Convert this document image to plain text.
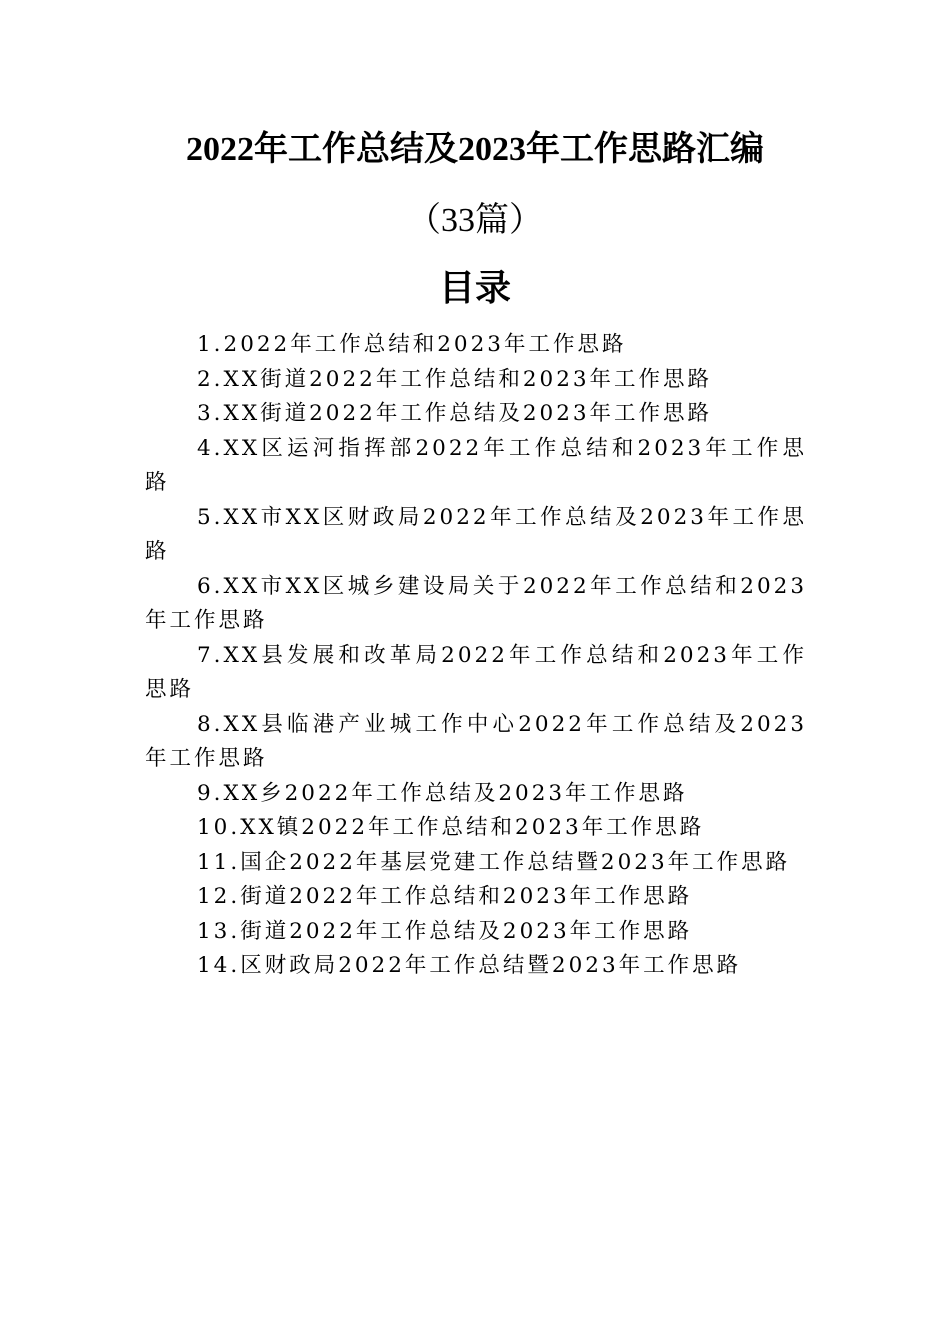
2022年工作总结及2023年工作思路汇编
（33篇）
目录
1.2022年工作总结和2023年工作思路
2.XX街道2022年工作总结和2023年工作思路
3.XX街道2022年工作总结及2023年工作思路
4.XX区运河指挥部2022年工作总结和2023年工作思路
5.XX市XX区财政局2022年工作总结及2023年工作思路
6.XX市XX区城乡建设局关于2022年工作总结和2023年工作思路
7.XX县发展和改革局2022年工作总结和2023年工作思路
8.XX县临港产业城工作中心2022年工作总结及2023年工作思路
9.XX乡2022年工作总结及2023年工作思路
10.XX镇2022年工作总结和2023年工作思路
11.国企2022年基层党建工作总结暨2023年工作思路
12.街道2022年工作总结和2023年工作思路
13.街道2022年工作总结及2023年工作思路
14.区财政局2022年工作总结暨2023年工作思路
